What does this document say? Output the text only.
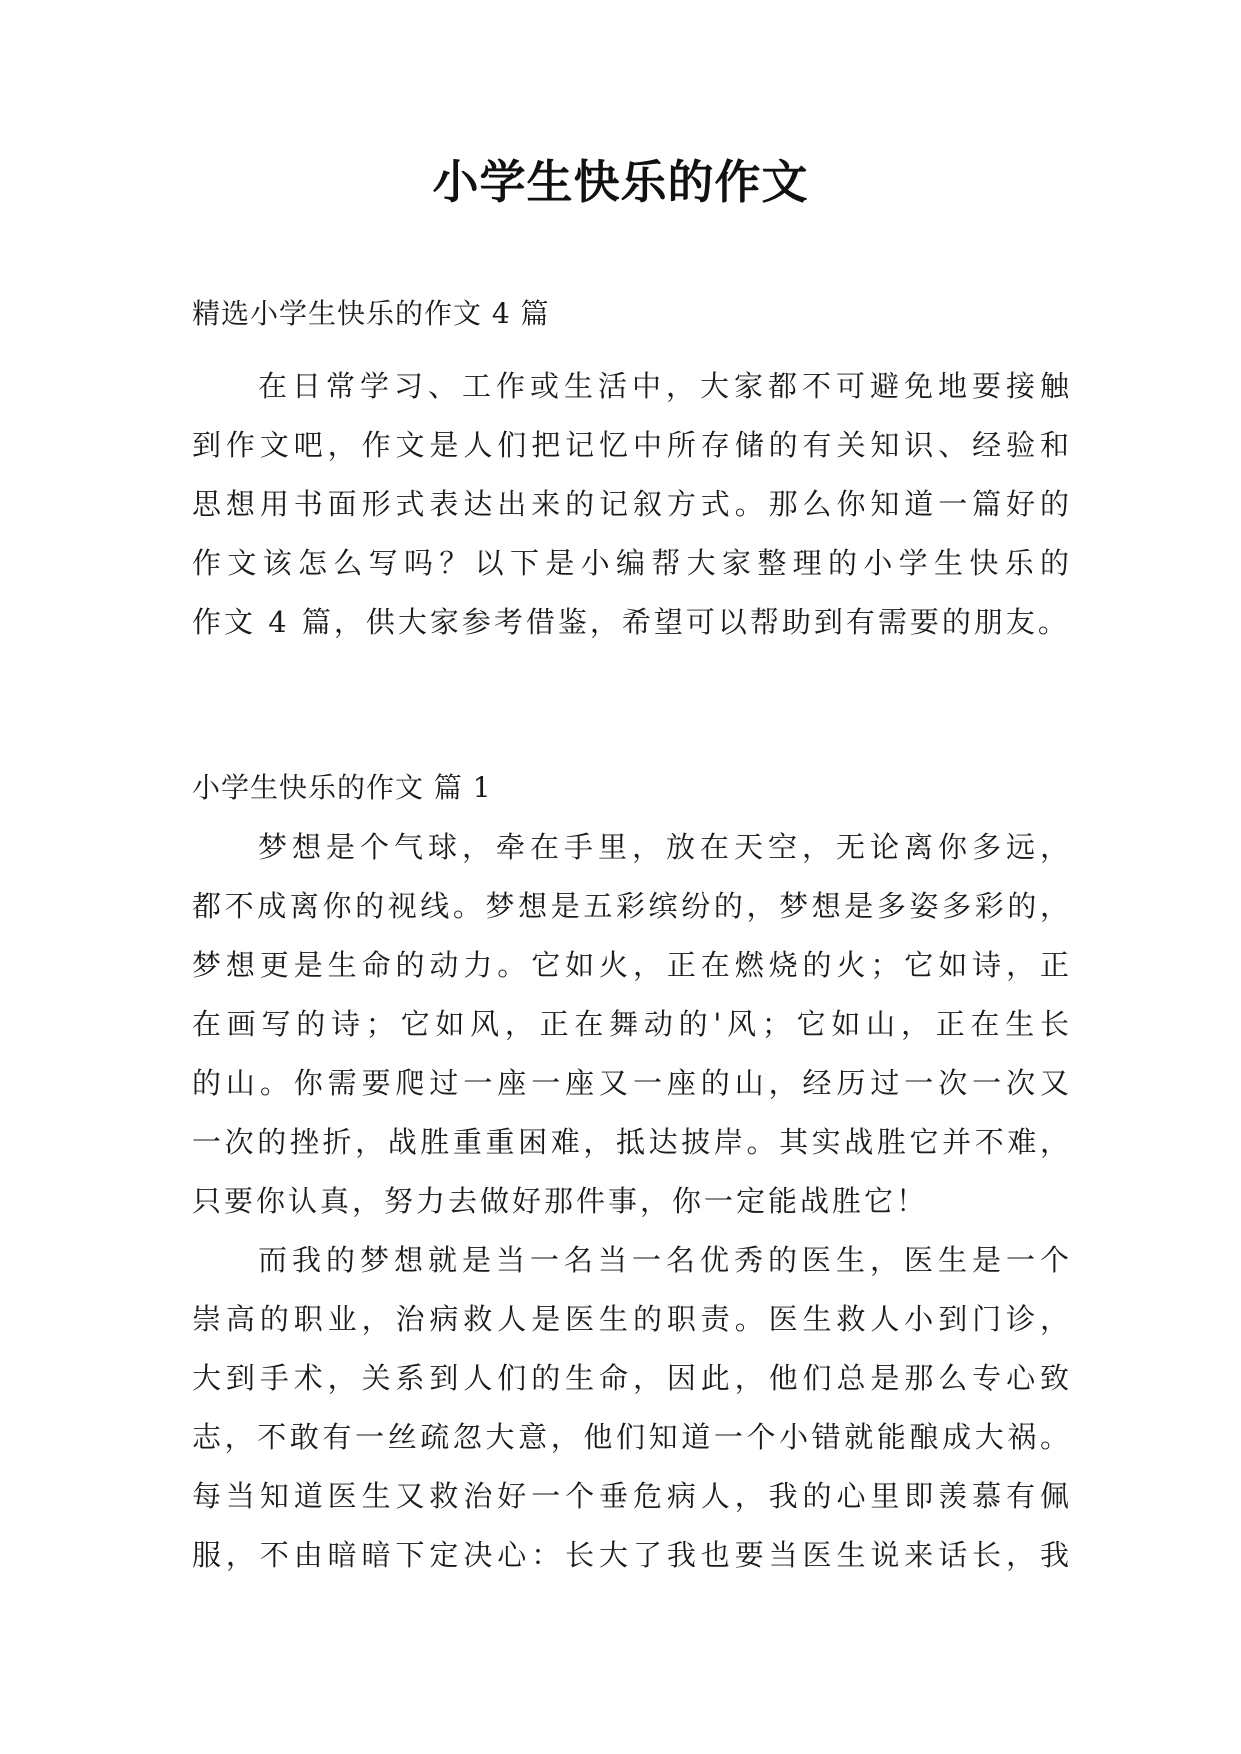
小学生快乐的作文
精选小学生快乐的作文 4 篇
在日常学习、工作或生活中，大家都不可避免地要接触
到作文吧，作文是人们把记忆中所存储的有关知识、经验和
思想用书面形式表达出来的记叙方式。那么你知道一篇好的
作文该怎么写吗？以下是小编帮大家整理的小学生快乐的
作文 4 篇，供大家参考借鉴，希望可以帮助到有需要的朋友。
小学生快乐的作文 篇 1
梦想是个气球，牵在手里，放在天空，无论离你多远，
都不成离你的视线。梦想是五彩缤纷的，梦想是多姿多彩的，
梦想更是生命的动力。它如火，正在燃烧的火；它如诗，正
在画写的诗；它如风，正在舞动的'风；它如山，正在生长
的山。你需要爬过一座一座又一座的山，经历过一次一次又
一次的挫折，战胜重重困难，抵达披岸。其实战胜它并不难，
只要你认真，努力去做好那件事，你一定能战胜它！
而我的梦想就是当一名当一名优秀的医生，医生是一个
崇高的职业，治病救人是医生的职责。医生救人小到门诊，
大到手术，关系到人们的生命，因此，他们总是那么专心致
志，不敢有一丝疏忽大意，他们知道一个小错就能酿成大祸。
每当知道医生又救治好一个垂危病人，我的心里即羡慕有佩
服，不由暗暗下定决心：长大了我也要当医生说来话长，我
